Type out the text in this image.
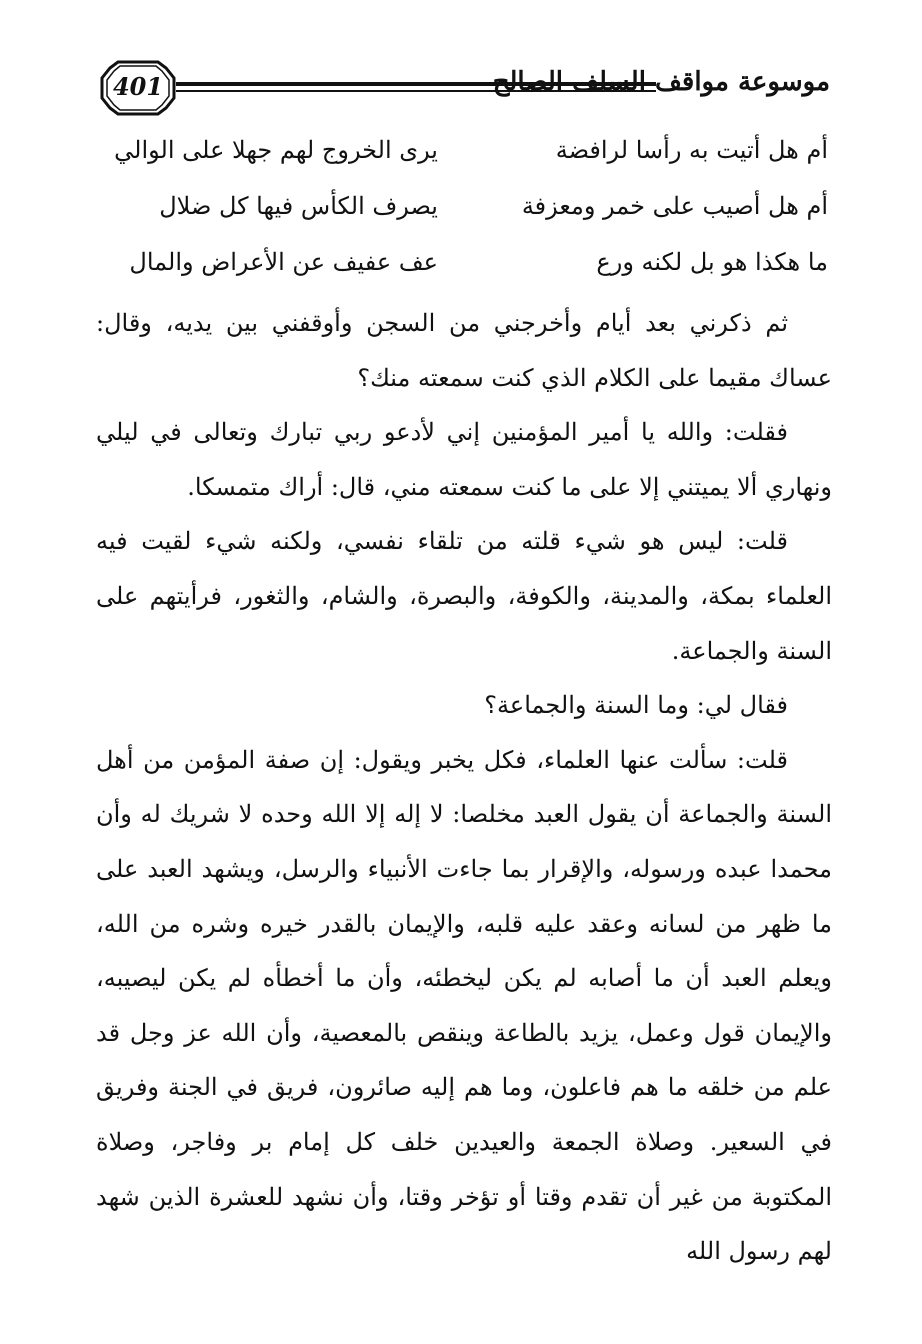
401	موسوعة مواقف السلف الصالح
أم هل أتيت به رأسا لرافضة
يرى الخروج لهم جهلا على الوالي
أم هل أصيب على خمر ومعزفة
يصرف الكأس فيها كل ضلال
ما هكذا هو بل لكنه ورع
عف عفيف عن الأعراض والمال

ثم ذكرني بعد أيام وأخرجني من السجن وأوقفني بين يديه، وقال: عساك مقيما على الكلام الذي كنت سمعته منك؟

فقلت: والله يا أمير المؤمنين إني لأدعو ربي تبارك وتعالى في ليلي ونهاري ألا يميتني إلا على ما كنت سمعته مني، قال: أراك متمسكا.

قلت: ليس هو شيء قلته من تلقاء نفسي، ولكنه شيء لقيت فيه العلماء بمكة، والمدينة، والكوفة، والبصرة، والشام، والثغور، فرأيتهم على السنة والجماعة.

فقال لي: وما السنة والجماعة؟

قلت: سألت عنها العلماء، فكل يخبر ويقول: إن صفة المؤمن من أهل السنة والجماعة أن يقول العبد مخلصا: لا إله إلا الله وحده لا شريك له وأن محمدا عبده ورسوله، والإقرار بما جاءت الأنبياء والرسل، ويشهد العبد على ما ظهر من لسانه وعقد عليه قلبه، والإيمان بالقدر خيره وشره من الله، ويعلم العبد أن ما أصابه لم يكن ليخطئه، وأن ما أخطأه لم يكن ليصيبه، والإيمان قول وعمل، يزيد بالطاعة وينقص بالمعصية، وأن الله عز وجل قد علم من خلقه ما هم فاعلون، وما هم إليه صائرون، فريق في الجنة وفريق في السعير. وصلاة الجمعة والعيدين خلف كل إمام بر وفاجر، وصلاة المكتوبة من غير أن تقدم وقتا أو تؤخر وقتا، وأن نشهد للعشرة الذين شهد لهم رسول الله
